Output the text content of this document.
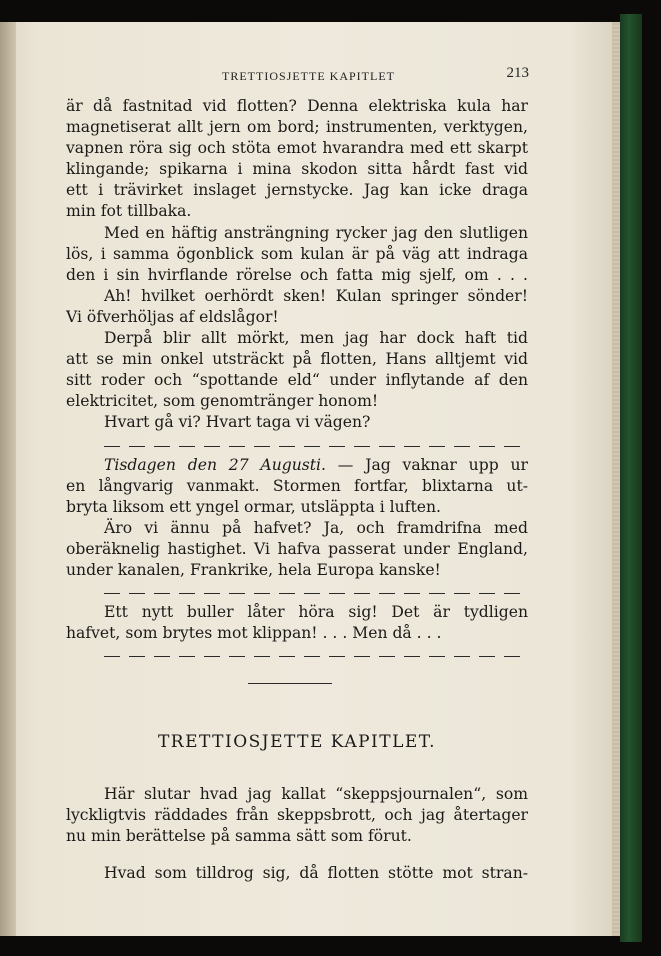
TRETTIOSJETTE KAPITLET	213

är då fastnitad vid flotten? Denna elektriska kula har
magnetiserat allt jern om bord; instrumenten, verktygen,
vapnen röra sig och stöta emot hvarandra med ett skarpt
klingande; spikarna i mina skodon sitta hårdt fast vid
ett i trävirket inslaget jernstycke. Jag kan icke draga
min fot tillbaka.

Med en häftig ansträngning rycker jag den slutligen
lös, i samma ögonblick som kulan är på väg att indraga
den i sin hvirflande rörelse och fatta mig sjelf, om . . .

Ah! hvilket oerhördt sken! Kulan springer sönder!
Vi öfverhöljas af eldslågor!

Derpå blir allt mörkt, men jag har dock haft tid
att se min onkel utsträckt på flotten, Hans alltjemt vid
sitt roder och “spottande eld“ under inflytande af den
elektricitet, som genomtränger honom!

Hvart gå vi? Hvart taga vi vägen?

Tisdagen den 27 Augusti. — Jag vaknar upp ur
en långvarig vanmakt. Stormen fortfar, blixtarna ut-
bryta liksom ett yngel ormar, utsläppta i luften.

Äro vi ännu på hafvet? Ja, och framdrifna med
oberäknelig hastighet. Vi hafva passerat under England,
under kanalen, Frankrike, hela Europa kanske!

Ett nytt buller låter höra sig! Det är tydligen
hafvet, som brytes mot klippan! . . . Men då . . .

TRETTIOSJETTE KAPITLET.

Här slutar hvad jag kallat “skeppsjournalen“, som
lyckligtvis räddades från skeppsbrott, och jag återtager
nu min berättelse på samma sätt som förut.

Hvad som tilldrog sig, då flotten stötte mot stran-
